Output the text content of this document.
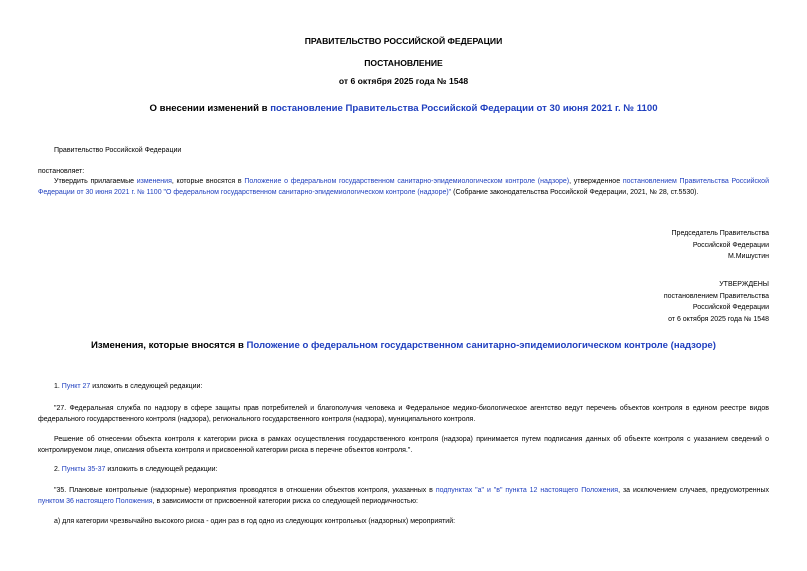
ПРАВИТЕЛЬСТВО РОССИЙСКОЙ ФЕДЕРАЦИИ
ПОСТАНОВЛЕНИЕ
от 6 октября 2025 года № 1548
О внесении изменений в постановление Правительства Российской Федерации от 30 июня 2021 г. № 1100
Правительство Российской Федерации
постановляет:
Утвердить прилагаемые изменения, которые вносятся в Положение о федеральном государственном санитарно-эпидемиологическом контроле (надзоре), утвержденное постановлением Правительства Российской Федерации от 30 июня 2021 г. № 1100 "О федеральном государственном санитарно-эпидемиологическом контроле (надзоре)" (Собрание законодательства Российской Федерации, 2021, № 28, ст.5530).
Председатель Правительства
Российской Федерации
М.Мишустин
УТВЕРЖДЕНЫ
постановлением Правительства
Российской Федерации
от 6 октября 2025 года № 1548
Изменения, которые вносятся в Положение о федеральном государственном санитарно-эпидемиологическом контроле (надзоре)
1. Пункт 27 изложить в следующей редакции:
"27. Федеральная служба по надзору в сфере защиты прав потребителей и благополучия человека и Федеральное медико-биологическое агентство ведут перечень объектов контроля в едином реестре видов федерального государственного контроля (надзора), регионального государственного контроля (надзора), муниципального контроля.
Решение об отнесении объекта контроля к категории риска в рамках осуществления государственного контроля (надзора) принимается путем подписания данных об объекте контроля с указанием сведений о контролируемом лице, описания объекта контроля и присвоенной категории риска в перечне объектов контроля.".
2. Пункты 35-37 изложить в следующей редакции:
"35. Плановые контрольные (надзорные) мероприятия проводятся в отношении объектов контроля, указанных в подпунктах "а" и "в" пункта 12 настоящего Положения, за исключением случаев, предусмотренных пунктом 36 настоящего Положения, в зависимости от присвоенной категории риска со следующей периодичностью:
а) для категории чрезвычайно высокого риска - один раз в год одно из следующих контрольных (надзорных) мероприятий:
